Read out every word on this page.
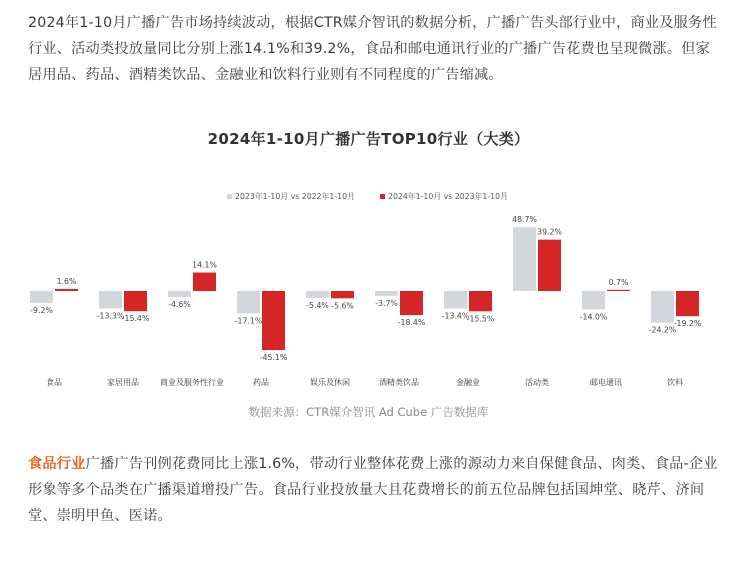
2024年1-10月广播广告市场持续波动，根据CTR媒介智讯的数据分析，广播广告头部行业中，商业及服务性行业、活动类投放量同比分别上涨14.1%和39.2%，食品和邮电通讯行业的广播广告花费也呈现微涨。但家居用品、药品、酒精类饮品、金融业和饮料行业则有不同程度的广告缩减。
2024年1-10月广播广告TOP10行业（大类）
2023年1-10月 vs 2022年1-10月	2024年1-10月 vs 2023年1-10月
-9.2%
1.6%
食品
-13.3%
-15.4%
家居用品
-4.6%
14.1%
商业及服务性行业
-17.1%
-45.1%
药品
-5.4% -5.6%
娱乐及休闲
-3.7%
-18.4%
酒精类饮品
-13.4%
-15.5%
金融业
48.7%
39.2%
活动类
-14.0%
0.7%
邮电通讯
-24.2%
-19.2%
饮料
数据来源：CTR媒介智讯 Ad Cube 广告数据库
食品行业广播广告刊例花费同比上涨1.6%，带动行业整体花费上涨的源动力来自保健食品、肉类、食品-企业形象等多个品类在广播渠道增投广告。食品行业投放量大且花费增长的前五位品牌包括国坤堂、晓芹、济间堂、崇明甲鱼、医诺。
